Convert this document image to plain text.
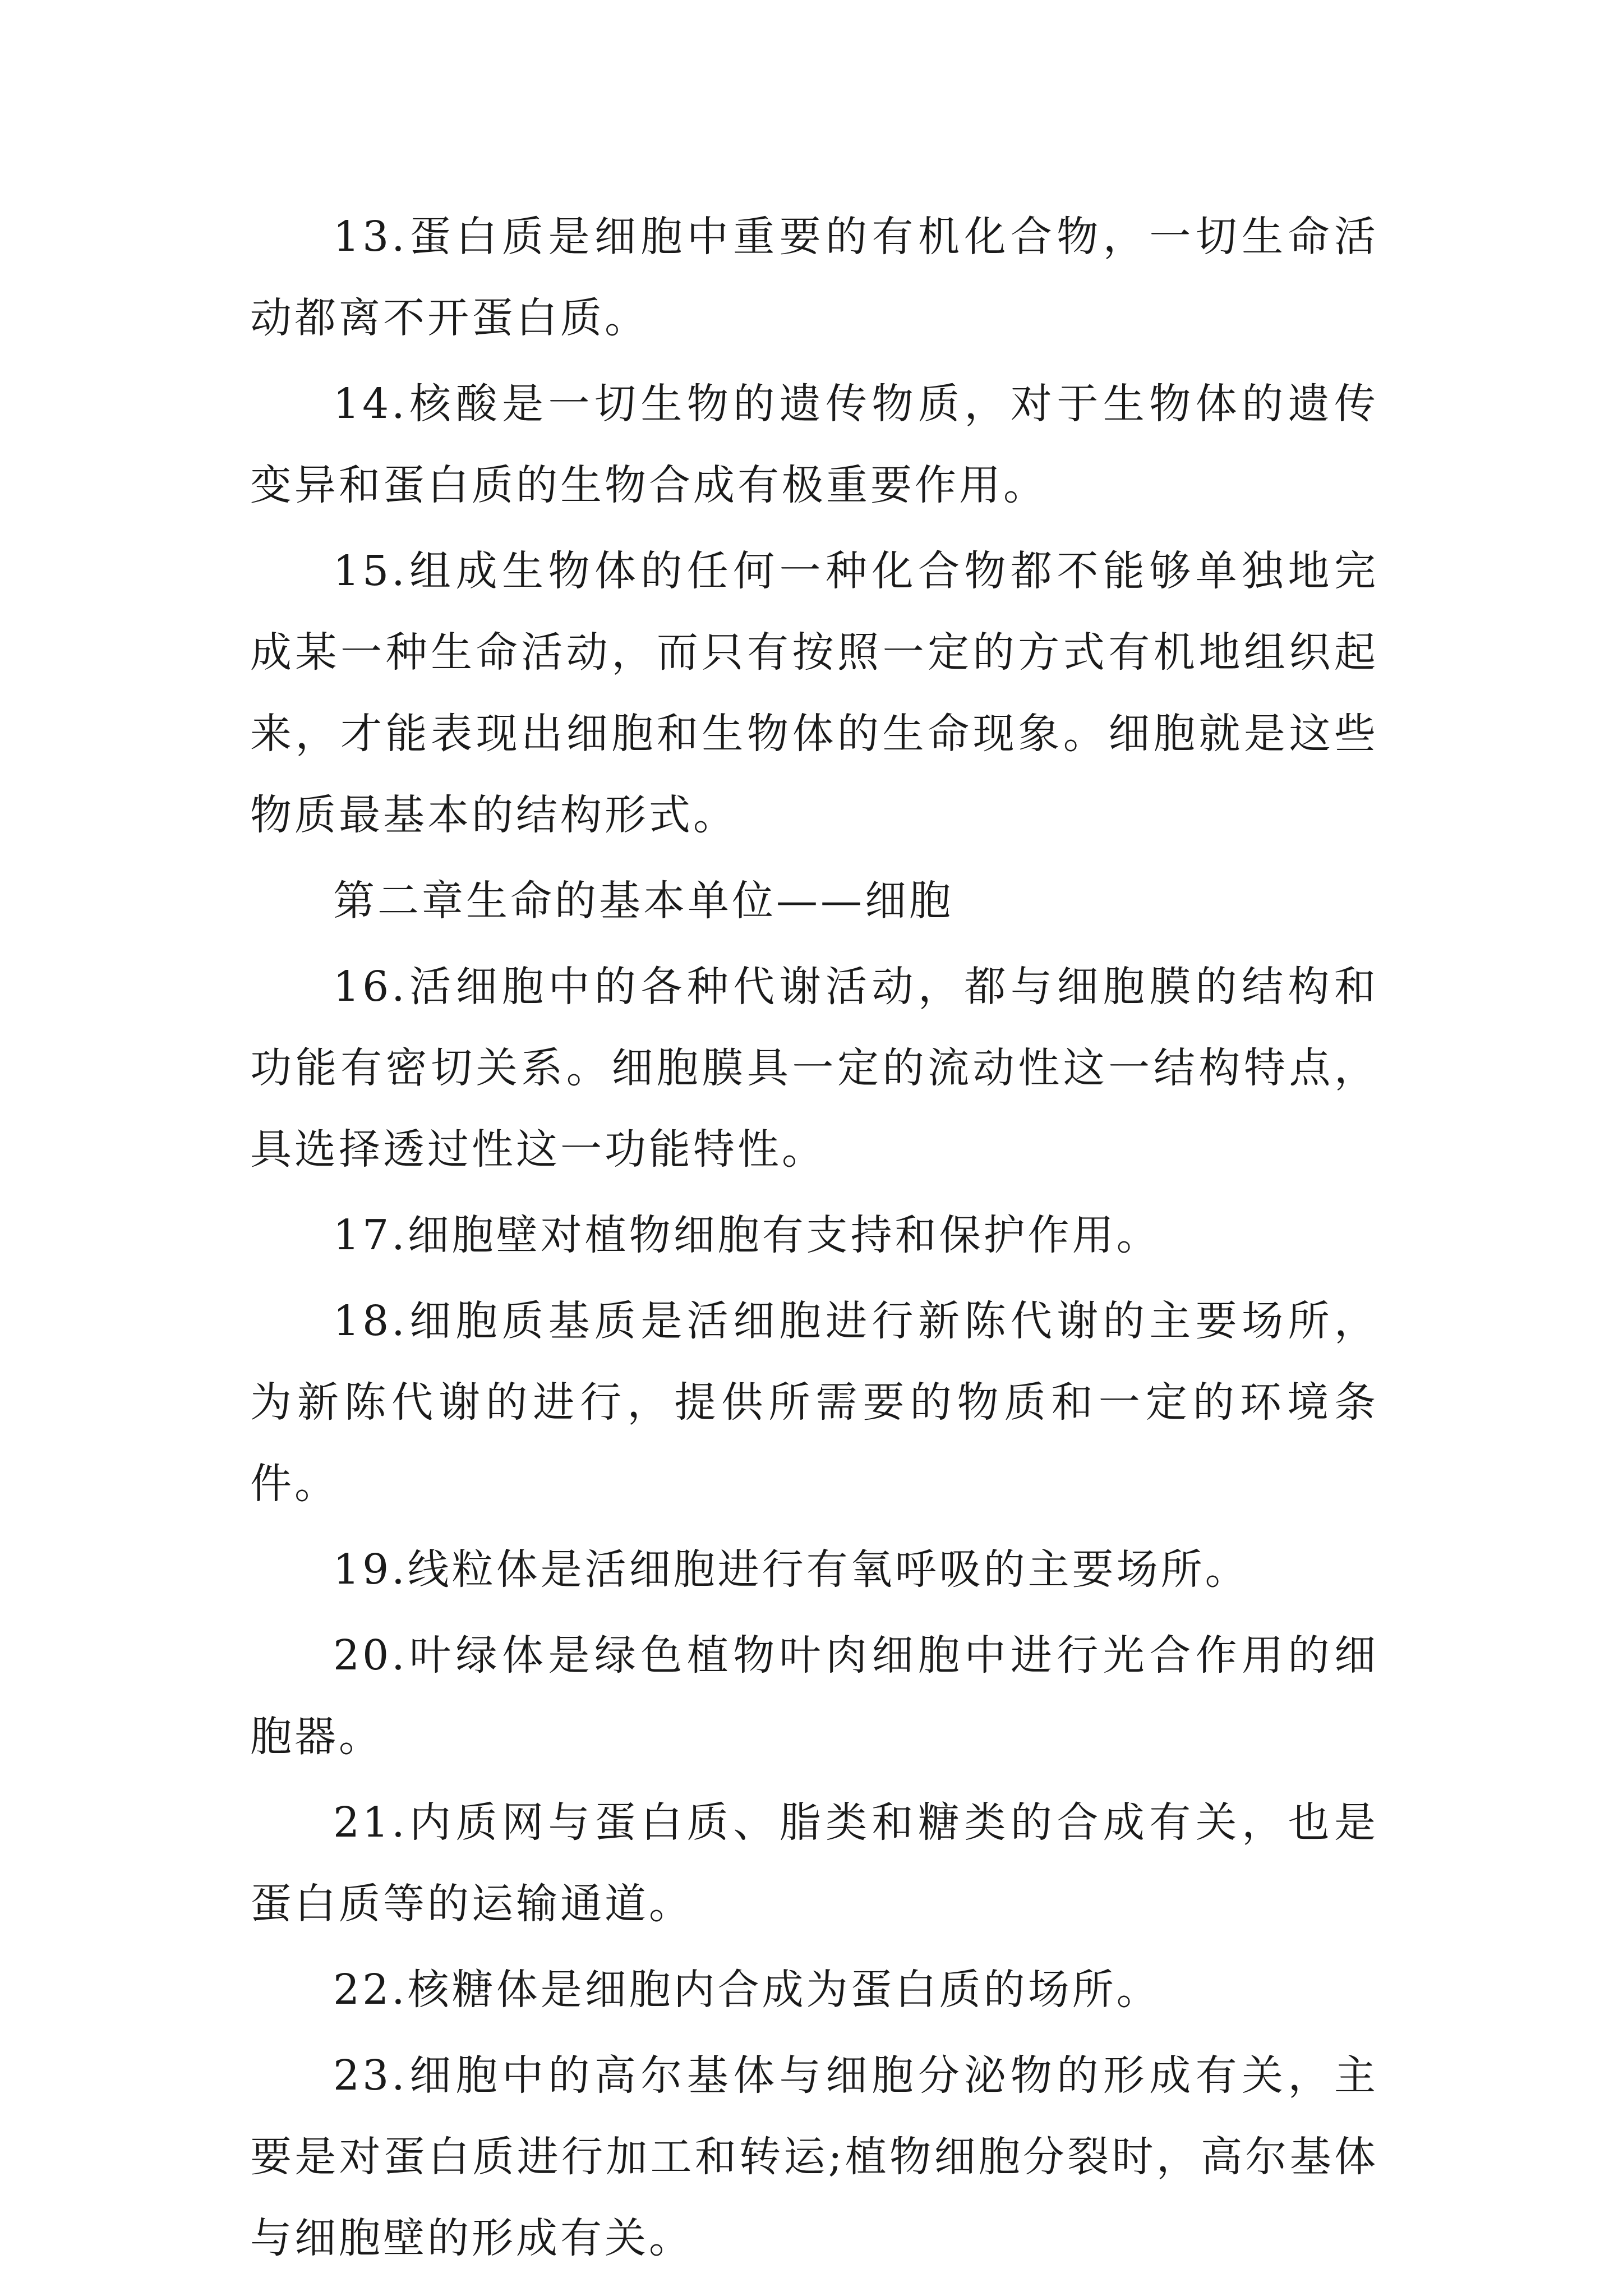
13.蛋白质是细胞中重要的有机化合物，一切生命活动都离不开蛋白质。

14.核酸是一切生物的遗传物质，对于生物体的遗传变异和蛋白质的生物合成有极重要作用。

15.组成生物体的任何一种化合物都不能够单独地完成某一种生命活动，而只有按照一定的方式有机地组织起来，才能表现出细胞和生物体的生命现象。细胞就是这些物质最基本的结构形式。

第二章生命的基本单位——细胞

16.活细胞中的各种代谢活动，都与细胞膜的结构和功能有密切关系。细胞膜具一定的流动性这一结构特点，具选择透过性这一功能特性。

17.细胞壁对植物细胞有支持和保护作用。

18.细胞质基质是活细胞进行新陈代谢的主要场所，为新陈代谢的进行，提供所需要的物质和一定的环境条件。

19.线粒体是活细胞进行有氧呼吸的主要场所。

20.叶绿体是绿色植物叶肉细胞中进行光合作用的细胞器。

21.内质网与蛋白质、脂类和糖类的合成有关，也是蛋白质等的运输通道。

22.核糖体是细胞内合成为蛋白质的场所。

23.细胞中的高尔基体与细胞分泌物的形成有关，主要是对蛋白质进行加工和转运;植物细胞分裂时，高尔基体与细胞壁的形成有关。
